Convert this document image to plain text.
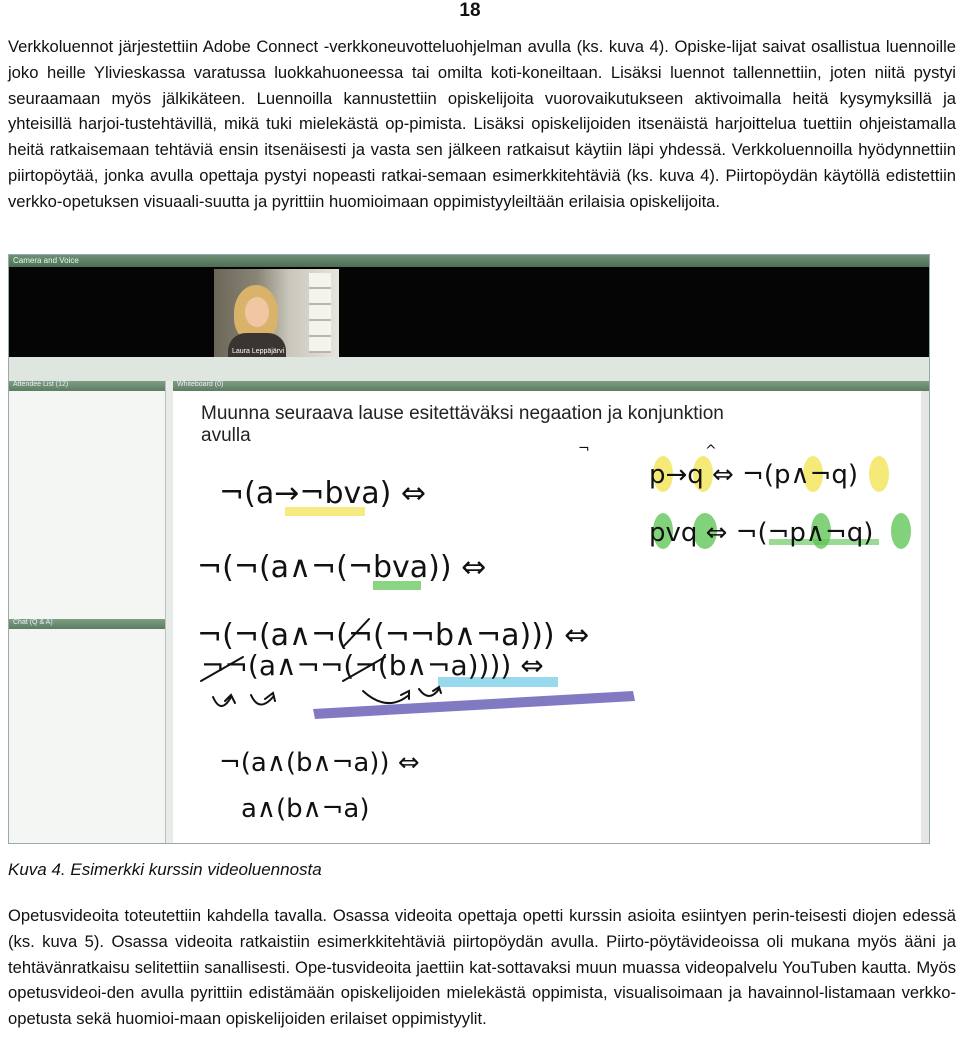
18

Verkkoluennot järjestettiin Adobe Connect -verkkoneuvotteluohjelman avulla (ks. kuva 4). Opiske-lijat saivat osallistua luennoille joko heille Ylivieskassa varatussa luokkahuoneessa tai omilta koti-koneiltaan. Lisäksi luennot tallennettiin, joten niitä pystyi seuraamaan myös jälkikäteen. Luennoilla kannustettiin opiskelijoita vuorovaikutukseen aktivoimalla heitä kysymyksillä ja yhteisillä harjoi-tustehtävillä, mikä tuki mielekästä op-pimista. Lisäksi opiskelijoiden itsenäistä harjoittelua tuettiin ohjeistamalla heitä ratkaisemaan tehtäviä ensin itsenäisesti ja vasta sen jälkeen ratkaisut käytiin läpi yhdessä. Verkkoluennoilla hyödynnettiin piirtopöytää, jonka avulla opettaja pystyi nopeasti ratkai-semaan esimerkkitehtäviä (ks. kuva 4). Piirtopöydän käytöllä edistettiin verkko-opetuksen visuaali-suutta ja pyrittiin huomioimaan oppimistyyleiltään erilaisia opiskelijoita.

Camera and Voice
Laura Leppäjärvi
Attendee List (12)
Chat (Q & A)
Whiteboard (0)
¬	^
¬(a→¬bva) ⇔
¬(¬(a∧¬(¬bva)) ⇔
¬(¬(a∧¬(¬(¬¬b∧¬a))) ⇔
¬¬(a∧¬¬(¬(b∧¬a)))) ⇔
¬(a∧(b∧¬a)) ⇔
a∧(b∧¬a)
p→q ⇔ ¬(p∧¬q)
pvq ⇔ ¬(¬p∧¬q)
Muunna seuraava lause esitettäväksi negaation ja konjunktion avulla
Kuva 4. Esimerkki kurssin videoluennosta

Opetusvideoita toteutettiin kahdella tavalla. Osassa videoita opettaja opetti kurssin asioita esiintyen perin-teisesti diojen edessä (ks. kuva 5). Osassa videoita ratkaistiin esimerkkitehtäviä piirtopöydän avulla. Piirto-pöytävideoissa oli mukana myös ääni ja tehtävänratkaisu selitettiin sanallisesti. Ope-tusvideoita jaettiin kat-sottavaksi muun muassa videopalvelu YouTuben kautta. Myös opetusvideoi-den avulla pyrittiin edistämään opiskelijoiden mielekästä oppimista, visualisoimaan ja havainnol-listamaan verkko-opetusta sekä huomioi-maan opiskelijoiden erilaiset oppimistyylit.
